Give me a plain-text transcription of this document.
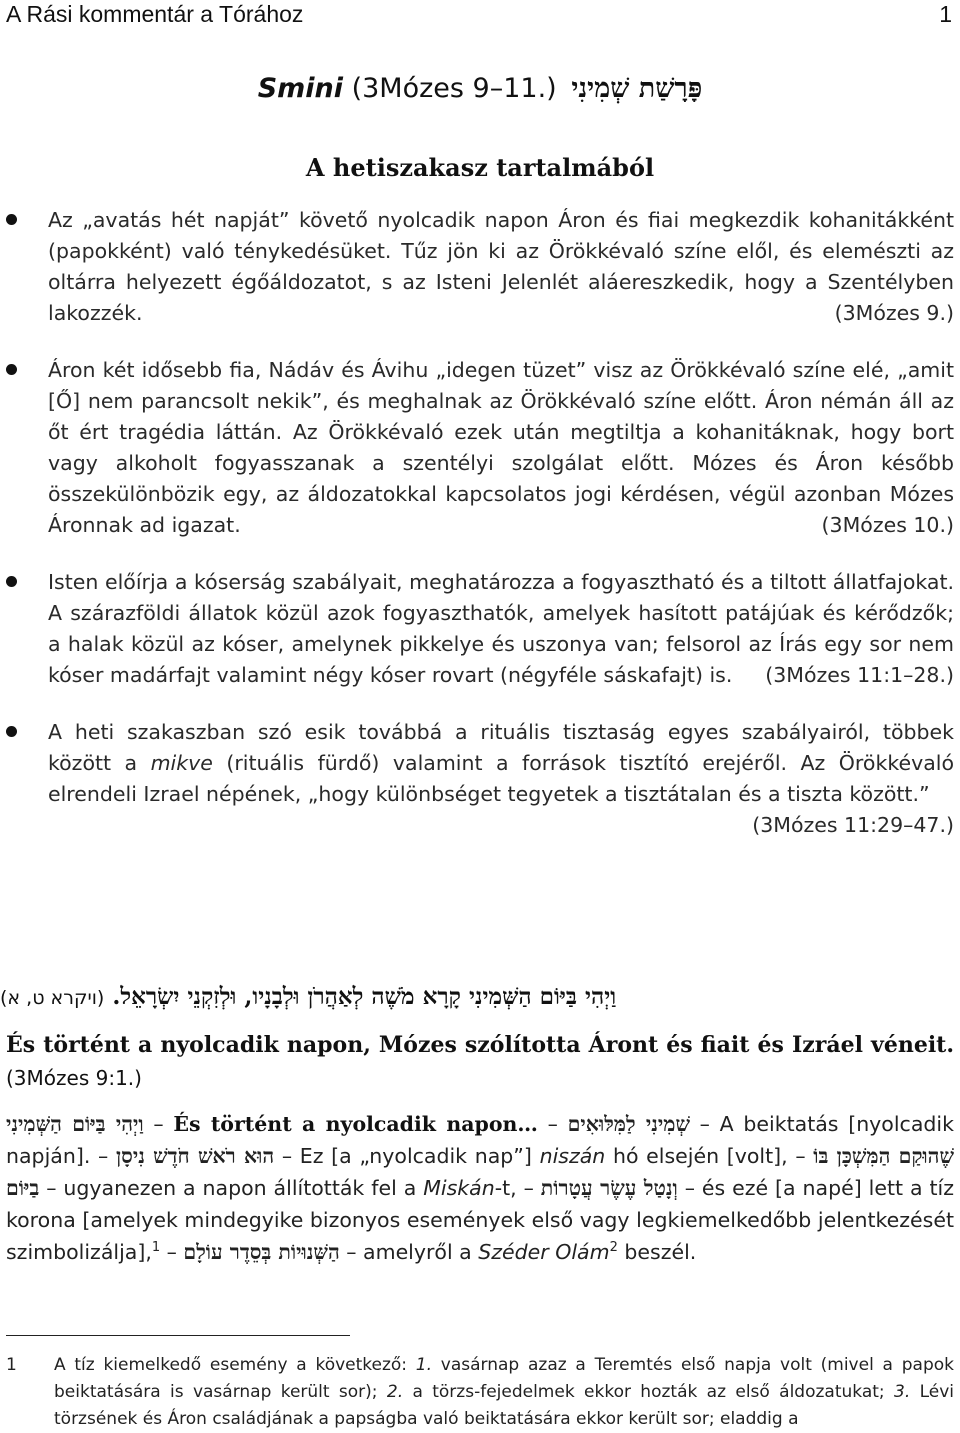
A Rási kommentár a Tórához	1
Smini (3Mózes 9–11.) פָּרָשַׁת שְׁמִינִי
A hetiszakasz tartalmából
Az „avatás hét napját” követő nyolcadik napon Áron és fiai megkezdik kohanitákként (papokként) való ténykedésüket. Tűz jön ki az Örökkévaló színe elől, és elemészti az oltárra helyezett égőáldozatot, s az Isteni Jelenlét aláereszkedik, hogy a Szentélyben lakozzék.	(3Mózes 9.)
Áron két idősebb fia, Nádáv és Ávihu „idegen tüzet” visz az Örökkévaló színe elé, „amit [Ő] nem parancsolt nekik”, és meghalnak az Örökkévaló színe előtt. Áron némán áll az őt ért tragédia láttán. Az Örökkévaló ezek után megtiltja a kohanitáknak, hogy bort vagy alkoholt fogyasszanak a szentélyi szolgálat előtt. Mózes és Áron később összekülönbözik egy, az áldozatokkal kapcsolatos jogi kérdésen, végül azonban Mózes Áronnak ad igazat.	(3Mózes 10.)
Isten előírja a kóserság szabályait, meghatározza a fogyasztható és a tiltott állatfajokat. A szárazföldi állatok közül azok fogyaszthatók, amelyek hasított patájúak és kérődzők; a halak közül az kóser, amelynek pikkelye és uszonya van; felsorol az Írás egy sor nem kóser madárfajt valamint négy kóser rovart (négyféle sáskafajt) is. (3Mózes 11:1–28.)
A heti szakaszban szó esik továbbá a rituális tisztaság egyes szabályairól, többek között a mikve (rituális fürdő) valamint a források tisztító erejéről. Az Örökkévaló elrendeli Izrael népének, „hogy különbséget tegyetek a tisztátalan és a tiszta között.”
(3Mózes 11:29–47.)
וַיְהִי בַּיּוֹם הַשְּׁמִינִי קָרָא מֹשֶׁה לְאַהֲרֹן וּלְבָנָיו, וּלְזִקְנֵי יִשְׂרָאֵל. (ויקרא ט, א)
És történt a nyolcadik napon, Mózes szólította Áront és fiait és Izráel véneit. (3Mózes 9:1.)
וַיְהִי בַּיּוֹם הַשְּׁמִינִי – És történt a nyolcadik napon… – שְׁמִינִי לַמִּלּוּאִים – A beiktatás [nyolcadik napján]. – הוּא רֹאשׁ חֹדֶשׁ נִיסָן – Ez [a „nyolcadik nap”] niszán hó elsején [volt], – שֶׁהוּקַם הַמִּשְׁכָּן בּוֹ בַיּוֹם – ugyanezen a napon állították fel a Miskán-t, – וְנָטַל עֶשֶׂר עֲטָרוֹת – és ezé [a napé] lett a tíz korona [amelyek mindegyike bizonyos események első vagy legkiemelkedőbb jelentkezését szimbolizálja],$^1$ – הַשְּׁנוּיוֹת בְּסֵדֶר עוֹלָם – amelyről a Széder Olám$^2$ beszél.
1 A tíz kiemelkedő esemény a következő: 1. vasárnap azaz a Teremtés első napja volt (mivel a papok beiktatására is vasárnap került sor); 2. a törzs-fejedelmek ekkor hozták az első áldozatukat; 3. Lévi törzsének és Áron családjának a papságba való beiktatására ekkor került sor; eladdig a
